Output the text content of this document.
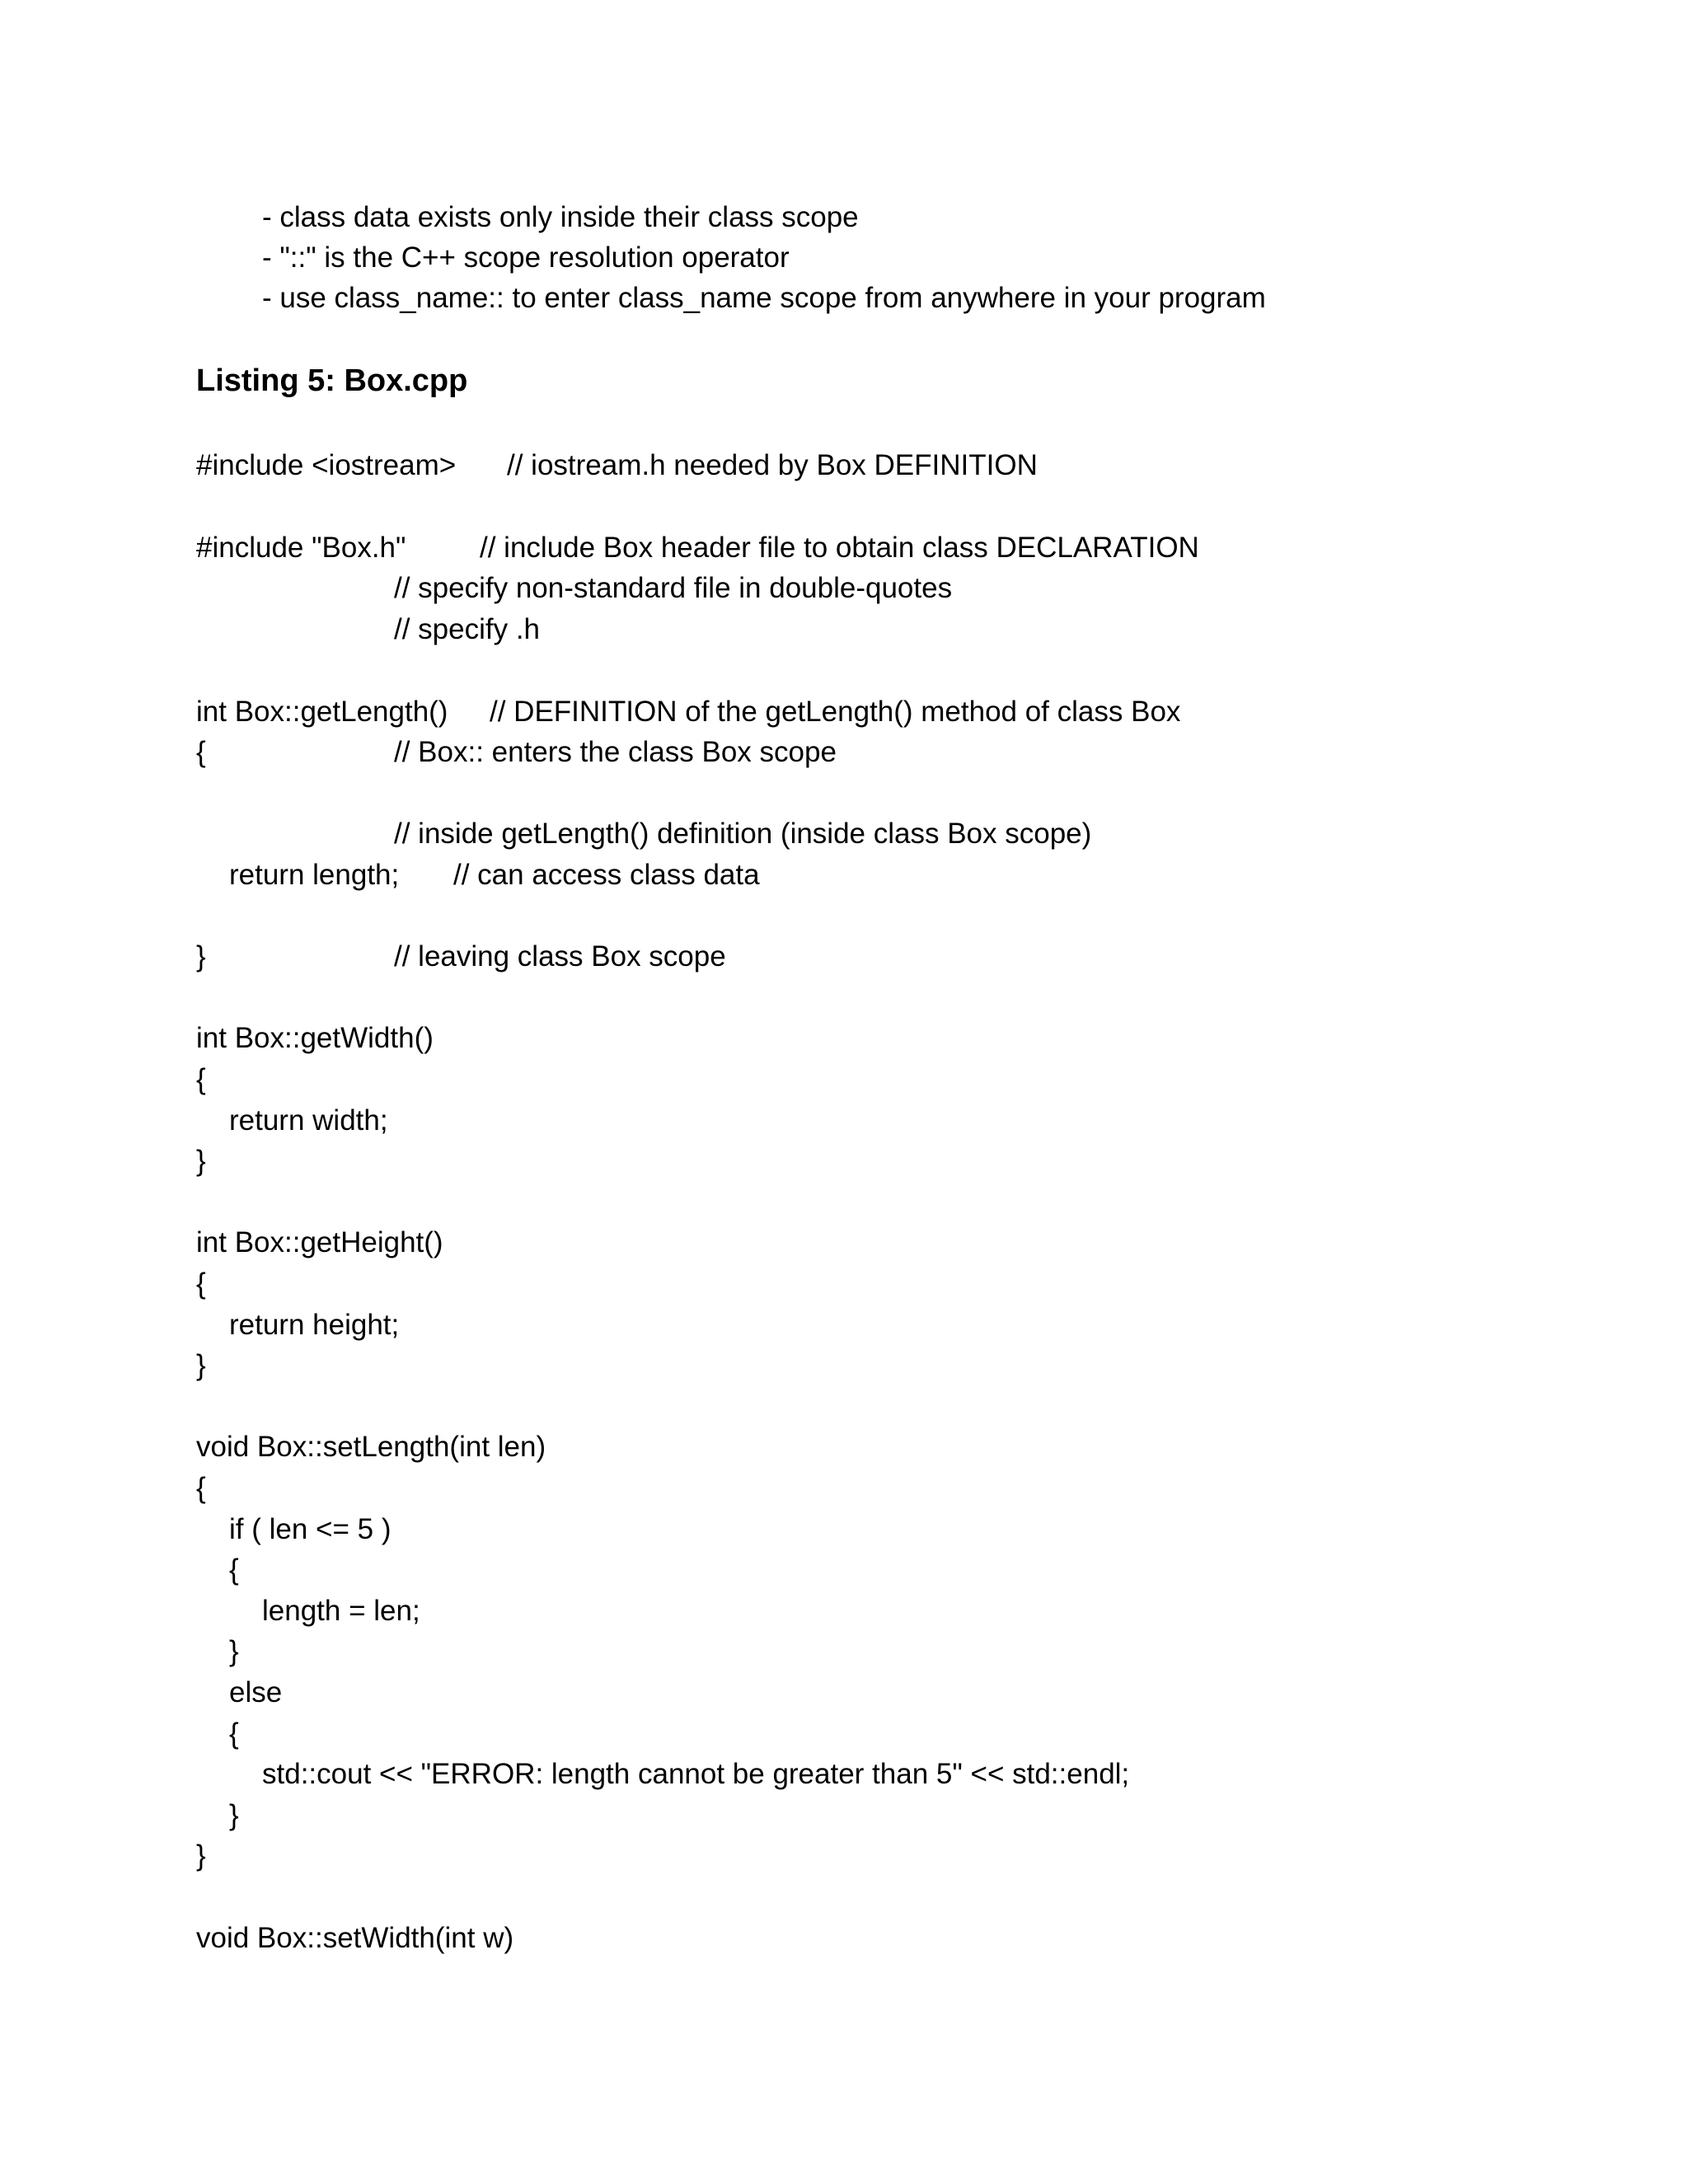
- class data exists only inside their class scope
- "::" is the C++ scope resolution operator
- use class_name:: to enter class_name scope from anywhere in your program
Listing 5: Box.cpp
#include <iostream> // iostream.h needed by Box DEFINITION
#include "Box.h"	// include Box header file to obtain class DECLARATION
// specify non-standard file in double-quotes
// specify .h
int Box::getLength() // DEFINITION of the getLength() method of class Box
{	// Box:: enters the class Box scope
// inside getLength() definition (inside class Box scope)
return length; // can access class data
}	// leaving class Box scope
int Box::getWidth()
{
return width;
}
int Box::getHeight()
{
return height;
}
void Box::setLength(int len)
{
if ( len <= 5 )
{
length = len;
}
else
{
std::cout << "ERROR: length cannot be greater than 5" << std::endl;
}
}
void Box::setWidth(int w)
